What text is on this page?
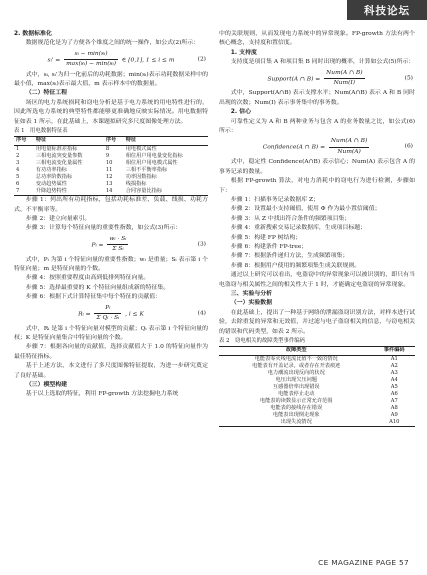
科技论坛

2. 数据标准化

数据规范化是为了方便各个维度之间的统一操作，如公式(2)所示：

sᵢ' = $\frac{\text{sᵢ − min(sᵢ)}}{\text{max(sᵢ) − min(sᵢ)}}$ ∈ [0,1], 1 ≤ i ≤ m	(2)

式中，sᵢ, sᵢ'为归一化前后的功耗数据；min(sᵢ)表示功耗数据采样中的最小值，max(sᵢ)表示最大值，m 表示样本中的数据量。

（二）特征工程

场区的电力系统损耗和窃电分析是基于电力系统的用电特性进行的，因此所选电力系统的典型特性都能够更准确地反映实际情况。用电数据特征如表 1 所示，在此基础上，本课题拟研究多尺度图像处理方法。

表 1　用电数据特征表

序号	特征	序号	特征
1	用电量标准差指标	8	用电模式属性
2	三相电流突变量参数	9	相位用户用电量变化指标
3	三相电流变化量属性	10	相位用户用电模式属性
4	有功功率指标	11	三相不平衡率指标
5	总功率阶数指标	12	功率因数指标
6	变动趋势属性	13	线损指标
7	升降趋势特性	14	合同容量比指标

步骤 1：列出所有功耗指标，包括功耗标准差、负载、线损、功耗方式、不平衡率等。

步骤 2：建立向量索引。

步骤 3：计算每个特征向量的重要性指数，如公式(3)所示：

Pᵢ = $\frac{\text{wᵢ · Sᵢ}}{\text{Σ Sᵢ}}$	(3)

式中，Pᵢ 为第 i 个特征向量的重要性指数；wᵢ 是重量；Sᵢ 表示第 i 个特征向量；m 是特征向量的个数。

步骤 4：按照重要程度由高到低排列特征向量。

步骤 5：选择最重要的 K 个特征向量组成新的特征集。

步骤 6：根据下式计算特征集中每个特征的贡献值：

Rᵢ = $\frac{\text{Pᵢ}}{\text{Σ Qᵢ · Sᵢ}}$ , i ≤ K	(4)

式中，Rᵢ 是第 i 个特征向量对模型的贡献；Qᵢ 表示第 i 个特征向量的权；K 是特征向量集合中特征向量的个数。

步骤 7：根据各向量的贡献值，选择贡献值大于 1.0 的特征向量作为最佳特征指标。

基于上述方法，本文进行了多尺度图像特征提取，为进一步研究奠定了良好基础。

（三）模型构建

基于以上选取的特征，利用 FP-growth 方法挖掘电力系统

中的关联规则，从而发现电力系统中的异常现象。FP-growth 方法有两个核心概念，支持度和置信度。

1. 支持度

支持度是项目集 A 和项目集 B 同时出现的概率，计算如公式(5)所示：

Support(A ∩ $B) = \frac{\text{Num(A ∩ B)}}{\text{Num(I)}}$	(5)

式中，Support(A∩B) 表示支撑水平；Num(A∩B) 表示 A 和 B 同时出现的次数；Num(I) 表示事务集中的事务数。

2. 信心

可靠性定义为 A 和 B 两种业务与包含 A 的业务数量之比，如公式(6)所示：

Confidence(A ∩ $B) = \frac{\text{Num(A ∩ B)}}{\text{Num(A)}}$	(6)

式中，稳定性 Confidence(A∩B) 表示信心；Num(A) 表示包含 A 的事务记录的数量。

根据 FP-growth 算法，对电力消耗中的窃电行为进行检测，步骤如下：

步骤 1：扫描事务记录数据库 Z；

步骤 2：设置最小支持阈值，使用 Φ 作为最小置信阈值；

步骤 3：从 Z 中找出符合条件的频繁项目集；

步骤 4：重新搜索交易记录数据库，生成项目标题；

步骤 5：构建 FP 树结构；

步骤 6：构建条件 FP-tree；

步骤 7：根据条件递归方法，生成频繁项集；

步骤 8：根据用户使用的频繁项集生成关联规则。

通过以上研究可以看出，电盗窃中的异常现象可以被识别的，即只有当电盗窃与相关属性之间的相关性大于 1 时，才能确定电盗窃的异常现象。

三、实验与分析

（一）实验数据

在此基础上，提出了一种基于网络的泄漏盗窃识别方法，对样本进行试验，去除重复的异常和无效值，并过滤与电子盗窃相关的信息，与窃电相关的错误和代码类型，如表 2 所示。

表 2　窃电相关的故障类型事件编码

故障类型	事件编码
电能表零火线电流比值不一致的情况	A1
电能表有开盖记录，或者存在开表痕迹	A2
电力潮流出现反向的状况	A3
电压出现欠压问题	A4
互感器倍率出现错误	A5
电能表停止走动	A6
电能表的读数显示正常允许范围	A7
电能表的接线存在错误	A8
电能表出现倒走现象	A9
出现失流情况	A10
CE MAGAZINE PAGE 57
